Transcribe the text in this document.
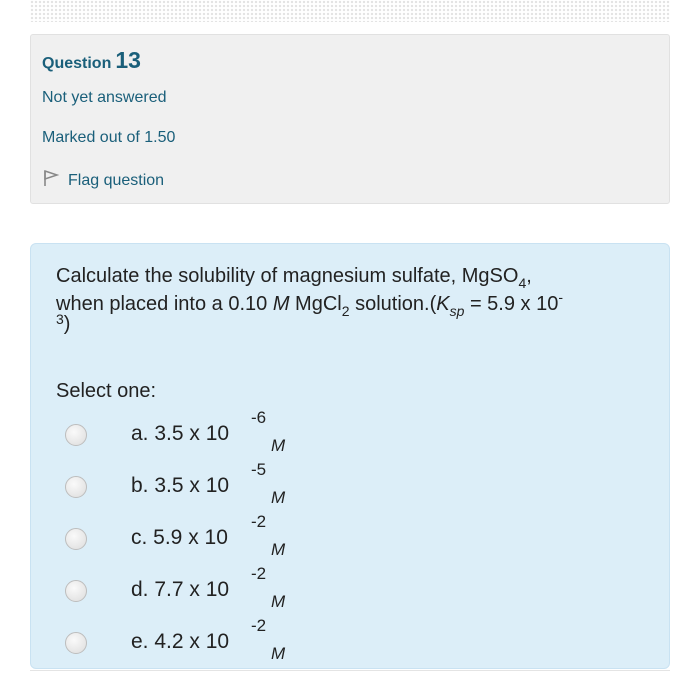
Question 13
Not yet answered
Marked out of 1.50
Flag question
Calculate the solubility of magnesium sulfate, MgSO$_4$,
when placed into a 0.10 M MgCl$_2$ $solution.(K_{sp} = 5.9$ x 10-
$^3$)
Select one:
a. 3.5 x 10
-6
M
b. 3.5 x 10
-5
M
c. 5.9 x 10
-2
M
d. 7.7 x 10
-2
M
e. 4.2 x 10
-2
M
